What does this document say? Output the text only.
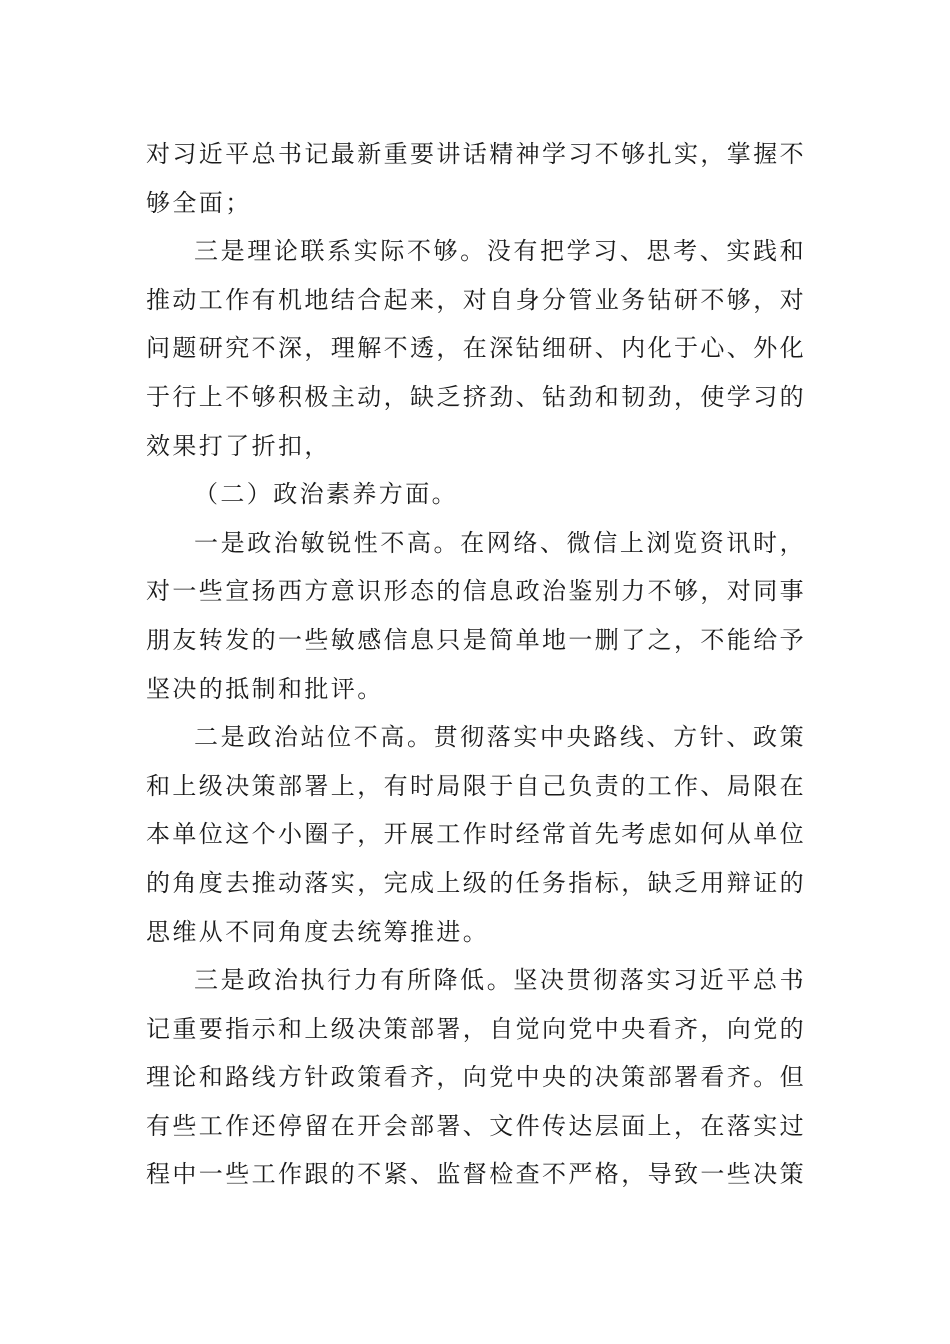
对习近平总书记最新重要讲话精神学习不够扎实，掌握不够全面；

三是理论联系实际不够。没有把学习、思考、实践和推动工作有机地结合起来，对自身分管业务钻研不够，对问题研究不深，理解不透，在深钻细研、内化于心、外化于行上不够积极主动，缺乏挤劲、钻劲和韧劲，使学习的效果打了折扣，

（二）政治素养方面。

一是政治敏锐性不高。在网络、微信上浏览资讯时，对一些宣扬西方意识形态的信息政治鉴别力不够，对同事朋友转发的一些敏感信息只是简单地一删了之，不能给予坚决的抵制和批评。

二是政治站位不高。贯彻落实中央路线、方针、政策和上级决策部署上，有时局限于自己负责的工作、局限在本单位这个小圈子，开展工作时经常首先考虑如何从单位的角度去推动落实，完成上级的任务指标，缺乏用辩证的思维从不同角度去统筹推进。

三是政治执行力有所降低。坚决贯彻落实习近平总书记重要指示和上级决策部署，自觉向党中央看齐，向党的理论和路线方针政策看齐，向党中央的决策部署看齐。但有些工作还停留在开会部署、文件传达层面上，在落实过程中一些工作跟的不紧、监督检查不严格，导致一些决策
